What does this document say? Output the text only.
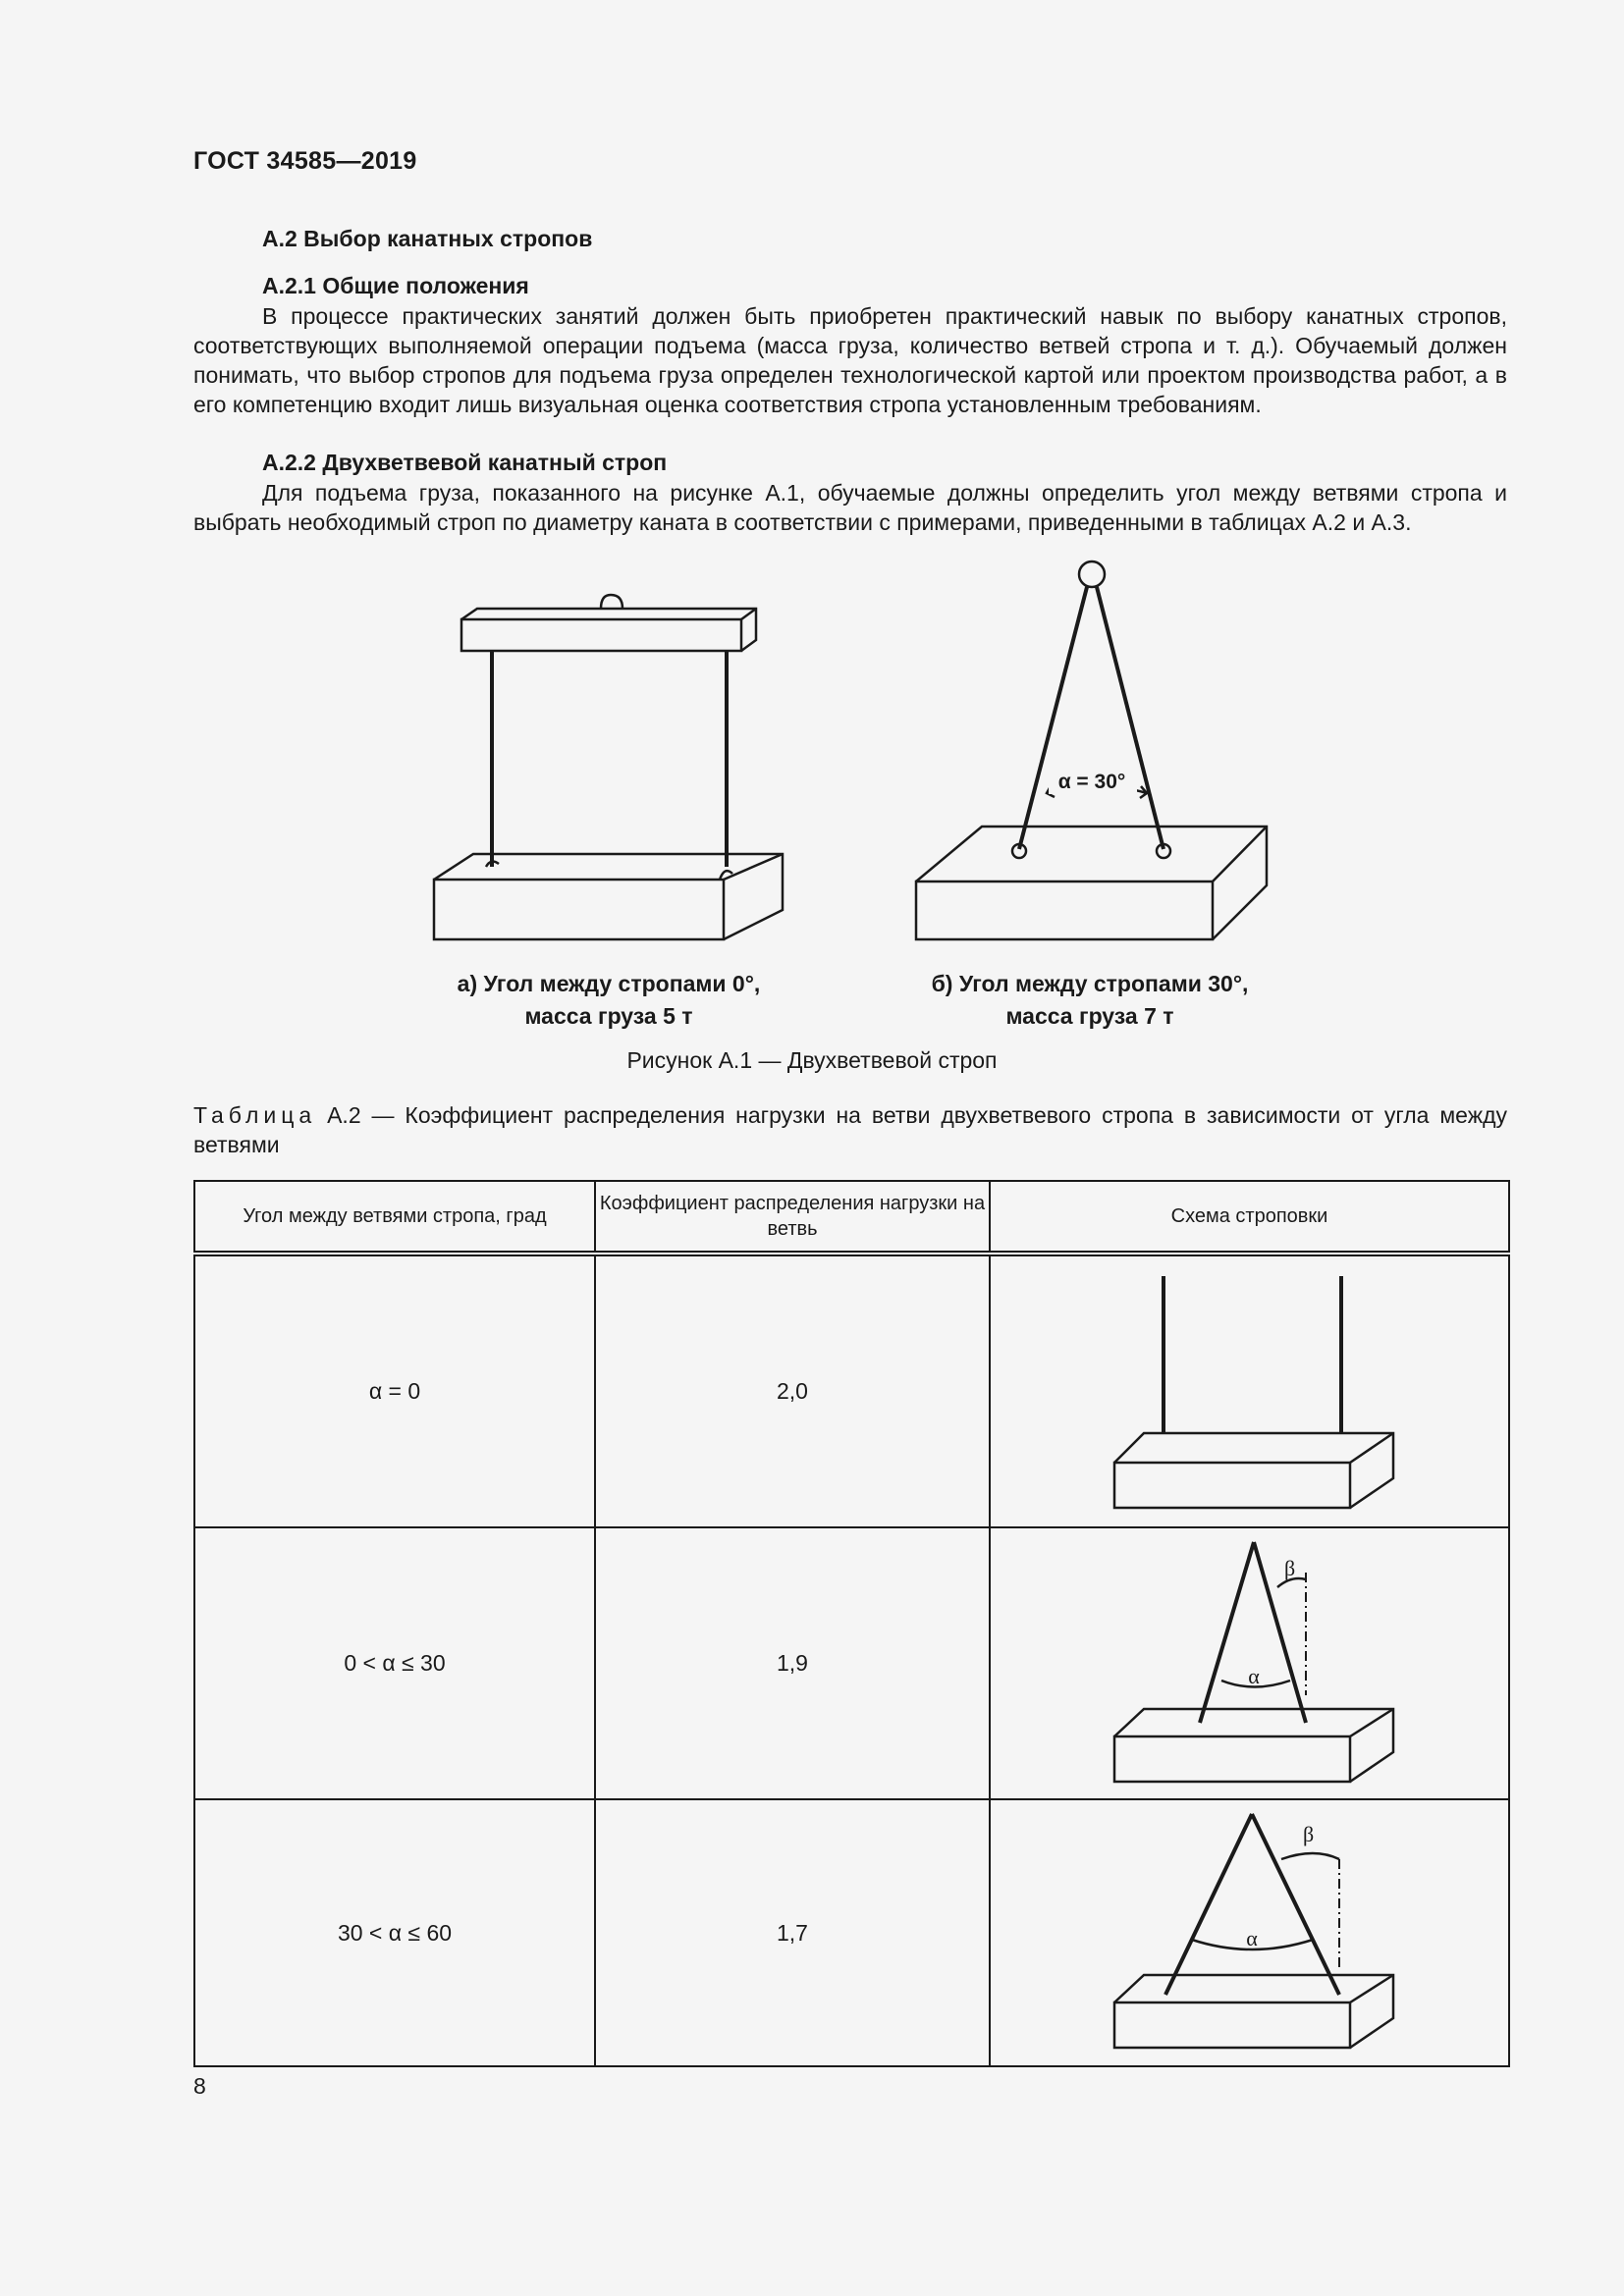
ГОСТ 34585—2019
А.2 Выбор канатных стропов
А.2.1 Общие положения

В процессе практических занятий должен быть приобретен практический навык по выбору канатных стропов, соответствующих выполняемой операции подъема (масса груза, количество ветвей стропа и т. д.). Обучаемый должен понимать, что выбор стропов для подъема груза определен технологической картой или проектом производства работ, а в его компетенцию входит лишь визуальная оценка соответствия стропа установленным требованиям.

А.2.2 Двухветвевой канатный строп

Для подъема груза, показанного на рисунке А.1, обучаемые должны определить угол между ветвями стропа и выбрать необходимый строп по диаметру каната в соответствии с примерами, приведенными в таблицах А.2 и А.3.

α = 30°
а) Угол между стропами 0°,
масса груза 5 т
б) Угол между стропами 30°,
масса груза 7 т
Рисунок А.1 — Двухветвевой строп
Таблица А.2 — Коэффициент распределения нагрузки на ветви двухветвевого стропа в зависимости от угла между ветвями
Угол между ветвями стропа, град	Коэффициент распределения нагрузки на ветвь	Схема строповки
α = 0	2,0	

0 < α ≤ 30	1,9	α
β

30 < α ≤ 60	1,7	α
β
8
